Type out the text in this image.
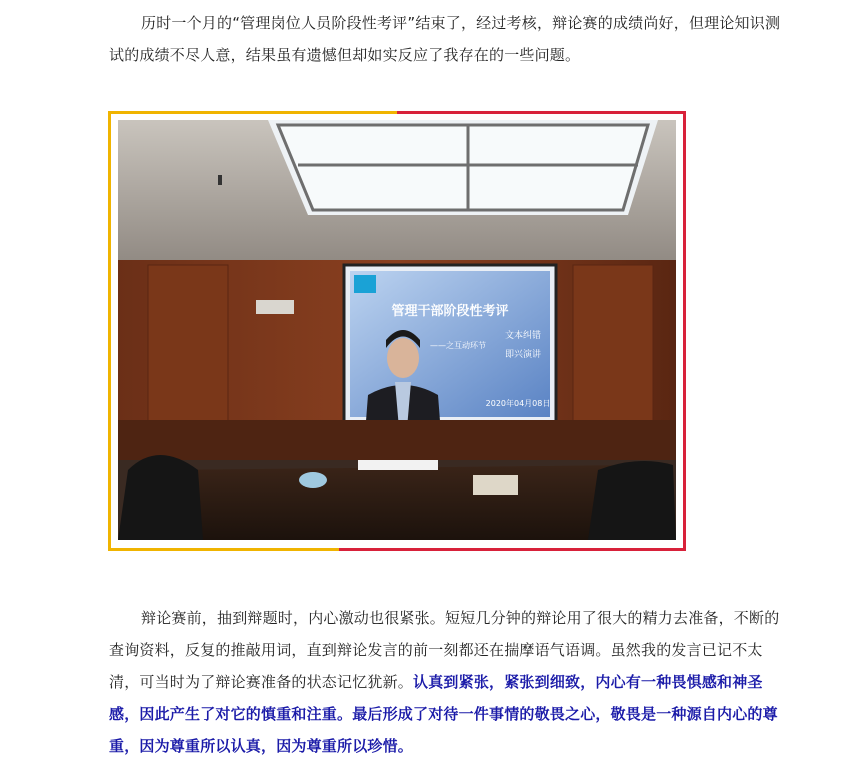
历时一个月的“管理岗位人员阶段性考评”结束了，经过考核，辩论赛的成绩尚好，但理论知识测试的成绩不尽人意，结果虽有遗憾但却如实反应了我存在的一些问题。

管理干部阶段性考评
文本纠错
——之互动环节
即兴演讲
2020年04月08日

辩论赛前，抽到辩题时，内心激动也很紧张。短短几分钟的辩论用了很大的精力去准备，不断的查询资料，反复的推敲用词，直到辩论发言的前一刻都还在揣摩语气语调。虽然我的发言已记不太清，可当时为了辩论赛准备的状态记忆犹新。认真到紧张，紧张到细致，内心有一种畏惧感和神圣感，因此产生了对它的慎重和注重。最后形成了对待一件事情的敬畏之心，敬畏是一种源自内心的尊重，因为尊重所以认真，因为尊重所以珍惜。
